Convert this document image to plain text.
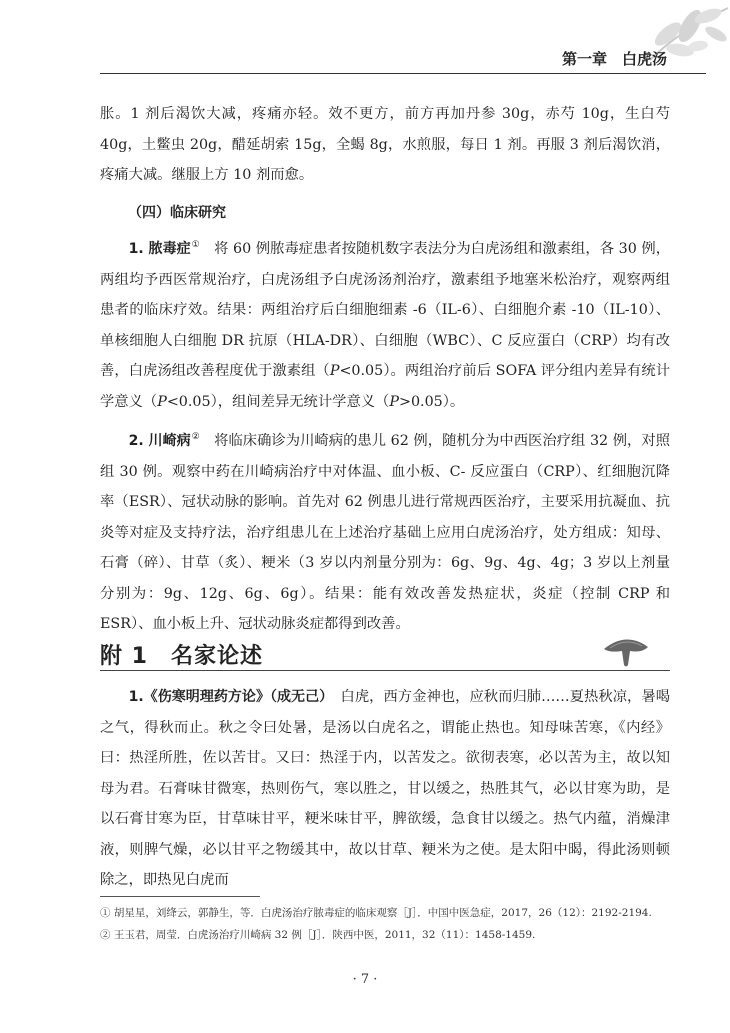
第一章　白虎汤

胀。1 剂后渴饮大减，疼痛亦轻。效不更方，前方再加丹参 30g，赤芍 10g，生白芍 40g，土鳖虫 20g，醋延胡索 15g，全蝎 8g，水煎服，每日 1 剂。再服 3 剂后渴饮消，疼痛大减。继服上方 10 剂而愈。

（四）临床研究

1. 脓毒症①　将 60 例脓毒症患者按随机数字表法分为白虎汤组和激素组，各 30 例，两组均予西医常规治疗，白虎汤组予白虎汤汤剂治疗，激素组予地塞米松治疗，观察两组患者的临床疗效。结果：两组治疗后白细胞细素 -6（IL-6）、白细胞介素 -10（IL-10）、单核细胞人白细胞 DR 抗原（HLA-DR）、白细胞（WBC）、C 反应蛋白（CRP）均有改善，白虎汤组改善程度优于激素组（P<0.05）。两组治疗前后 SOFA 评分组内差异有统计学意义（P<0.05），组间差异无统计学意义（P>0.05）。

2. 川崎病②　将临床确诊为川崎病的患儿 62 例，随机分为中西医治疗组 32 例，对照组 30 例。观察中药在川崎病治疗中对体温、血小板、C- 反应蛋白（CRP）、红细胞沉降率（ESR）、冠状动脉的影响。首先对 62 例患儿进行常规西医治疗，主要采用抗凝血、抗炎等对症及支持疗法，治疗组患儿在上述治疗基础上应用白虎汤治疗，处方组成：知母、石膏（碎）、甘草（炙）、粳米（3 岁以内剂量分别为：6g、9g、4g、4g；3 岁以上剂量分别为：9g、12g、6g、6g）。结果：能有效改善发热症状，炎症（控制 CRP 和 ESR）、血小板上升、冠状动脉炎症都得到改善。

附 1　名家论述

1.《伤寒明理药方论》（成无己）　白虎，西方金神也，应秋而归肺……夏热秋凉，暑喝之气，得秋而止。秋之令曰处暑，是汤以白虎名之，谓能止热也。知母味苦寒，《内经》曰：热淫所胜，佐以苦甘。又曰：热淫于内，以苦发之。欲彻表寒，必以苦为主，故以知母为君。石膏味甘微寒，热则伤气，寒以胜之，甘以缓之，热胜其气，必以甘寒为助，是以石膏甘寒为臣，甘草味甘平，粳米味甘平，脾欲缓，急食甘以缓之。热气内蕴，消燥津液，则脾气燥，必以甘平之物缓其中，故以甘草、粳米为之使。是太阳中暍，得此汤则顿除之，即热见白虎而

① 胡星星，刘绛云，郭静生，等．白虎汤治疗脓毒症的临床观察［J］．中国中医急症，2017，26（12）：2192-2194.

② 王玉君，周莹．白虎汤治疗川崎病 32 例［J］．陕西中医，2011，32（11）：1458-1459.

· 7 ·
